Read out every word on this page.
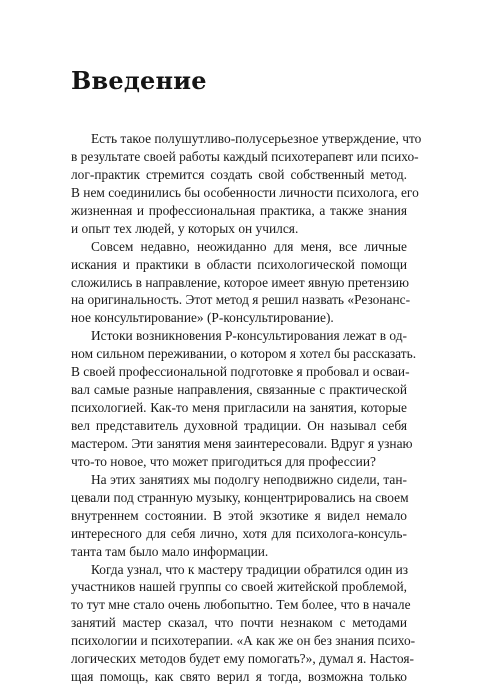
Введение
Есть такое полушутливо-полусерьезное утверждение, что
в результате своей работы каждый психотерапевт или психо-
лог-практик стремится создать свой собственный метод.
В нем соединились бы особенности личности психолога, его
жизненная и профессиональная практика, а также знания
и опыт тех людей, у которых он учился.
Совсем недавно, неожиданно для меня, все личные
искания и практики в области психологической помощи
сложились в направление, которое имеет явную претензию
на оригинальность. Этот метод я решил назвать «Резонанс-
ное консультирование» (Р-консультирование).
Истоки возникновения Р-консультирования лежат в од-
ном сильном переживании, о котором я хотел бы рассказать.
В своей профессиональной подготовке я пробовал и осваи-
вал самые разные направления, связанные с практической
психологией. Как-то меня пригласили на занятия, которые
вел представитель духовной традиции. Он называл себя
мастером. Эти занятия меня заинтересовали. Вдруг я узнаю
что-то новое, что может пригодиться для профессии?
На этих занятиях мы подолгу неподвижно сидели, тан-
цевали под странную музыку, концентрировались на своем
внутреннем состоянии. В этой экзотике я видел немало
интересного для себя лично, хотя для психолога-консуль-
танта там было мало информации.
Когда узнал, что к мастеру традиции обратился один из
участников нашей группы со своей житейской проблемой,
то тут мне стало очень любопытно. Тем более, что в начале
занятий мастер сказал, что почти незнаком с методами
психологии и психотерапии. «А как же он без знания психо-
логических методов будет ему помогать?», думал я. Настоя-
щая помощь, как свято верил я тогда, возможна только
